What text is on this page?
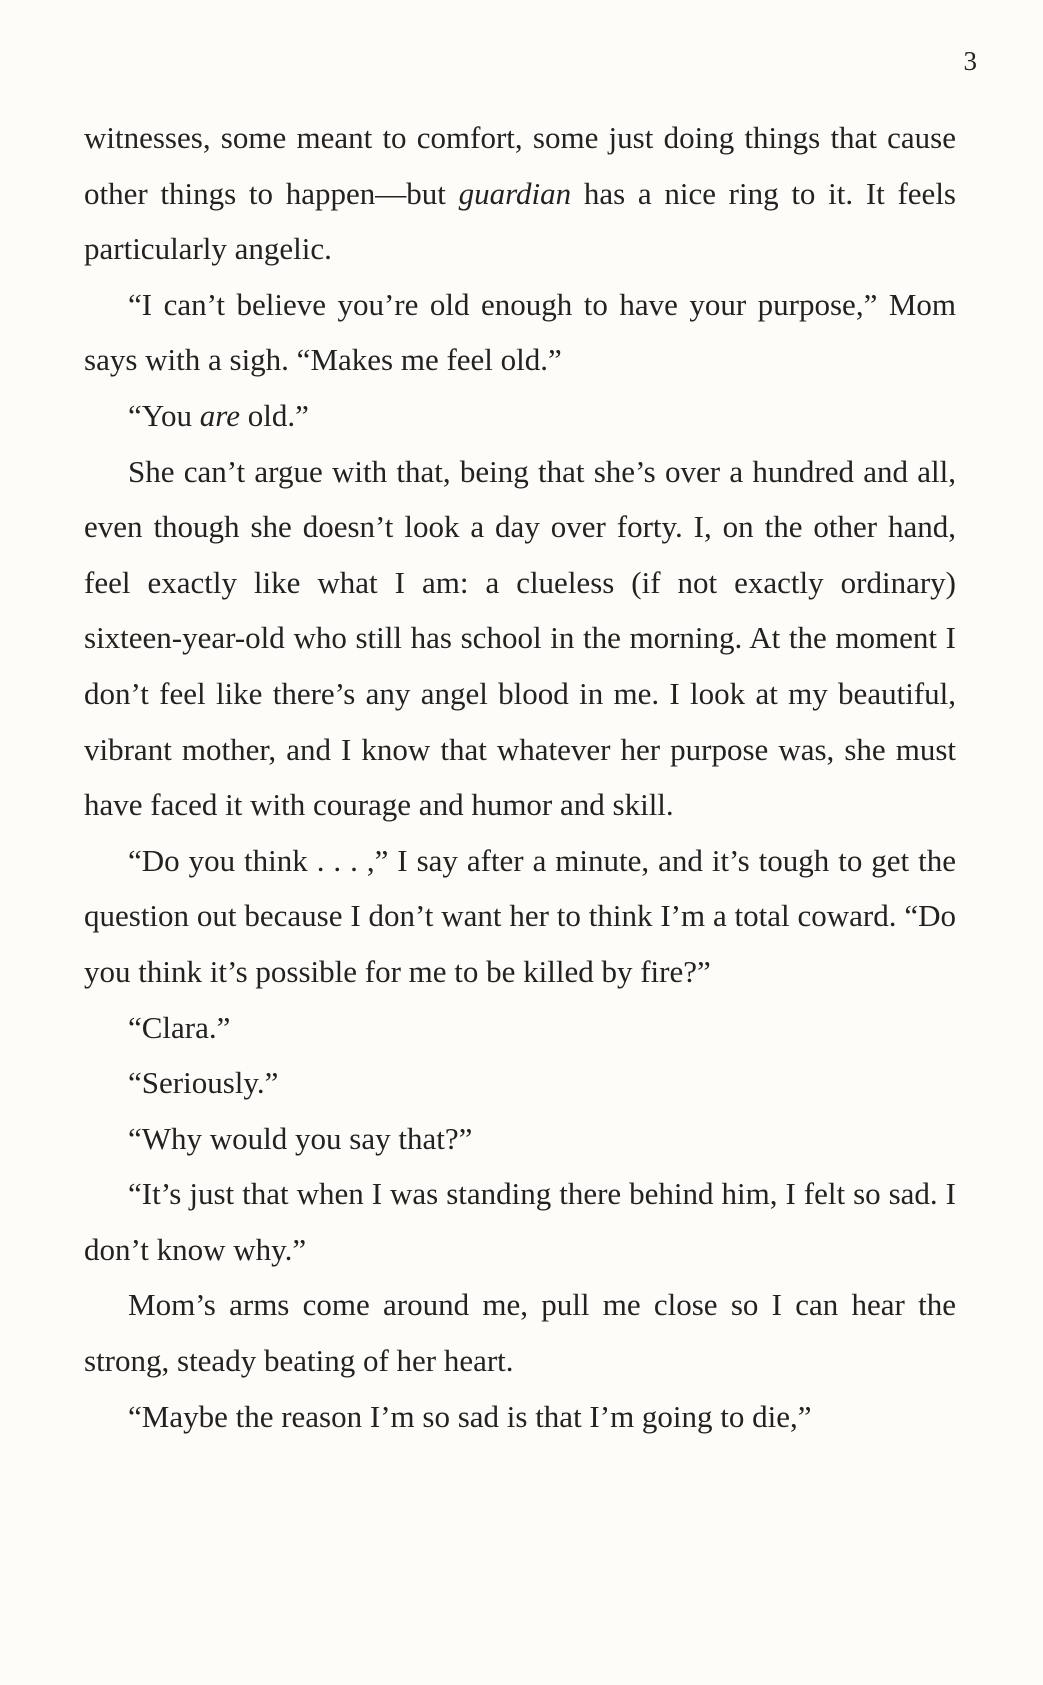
3

witnesses, some meant to comfort, some just doing things that cause other things to happen—but guardian has a nice ring to it. It feels particularly angelic.

“I can’t believe you’re old enough to have your purpose,” Mom says with a sigh. “Makes me feel old.”

“You are old.”

She can’t argue with that, being that she’s over a hundred and all, even though she doesn’t look a day over forty. I, on the other hand, feel exactly like what I am: a clueless (if not exactly ordinary) sixteen-year-old who still has school in the morning. At the moment I don’t feel like there’s any angel blood in me. I look at my beautiful, vibrant mother, and I know that whatever her purpose was, she must have faced it with courage and humor and skill.

“Do you think . . . ,” I say after a minute, and it’s tough to get the question out because I don’t want her to think I’m a total coward. “Do you think it’s possible for me to be killed by fire?”

“Clara.”

“Seriously.”

“Why would you say that?”

“It’s just that when I was standing there behind him, I felt so sad. I don’t know why.”

Mom’s arms come around me, pull me close so I can hear the strong, steady beating of her heart.

“Maybe the reason I’m so sad is that I’m going to die,”
